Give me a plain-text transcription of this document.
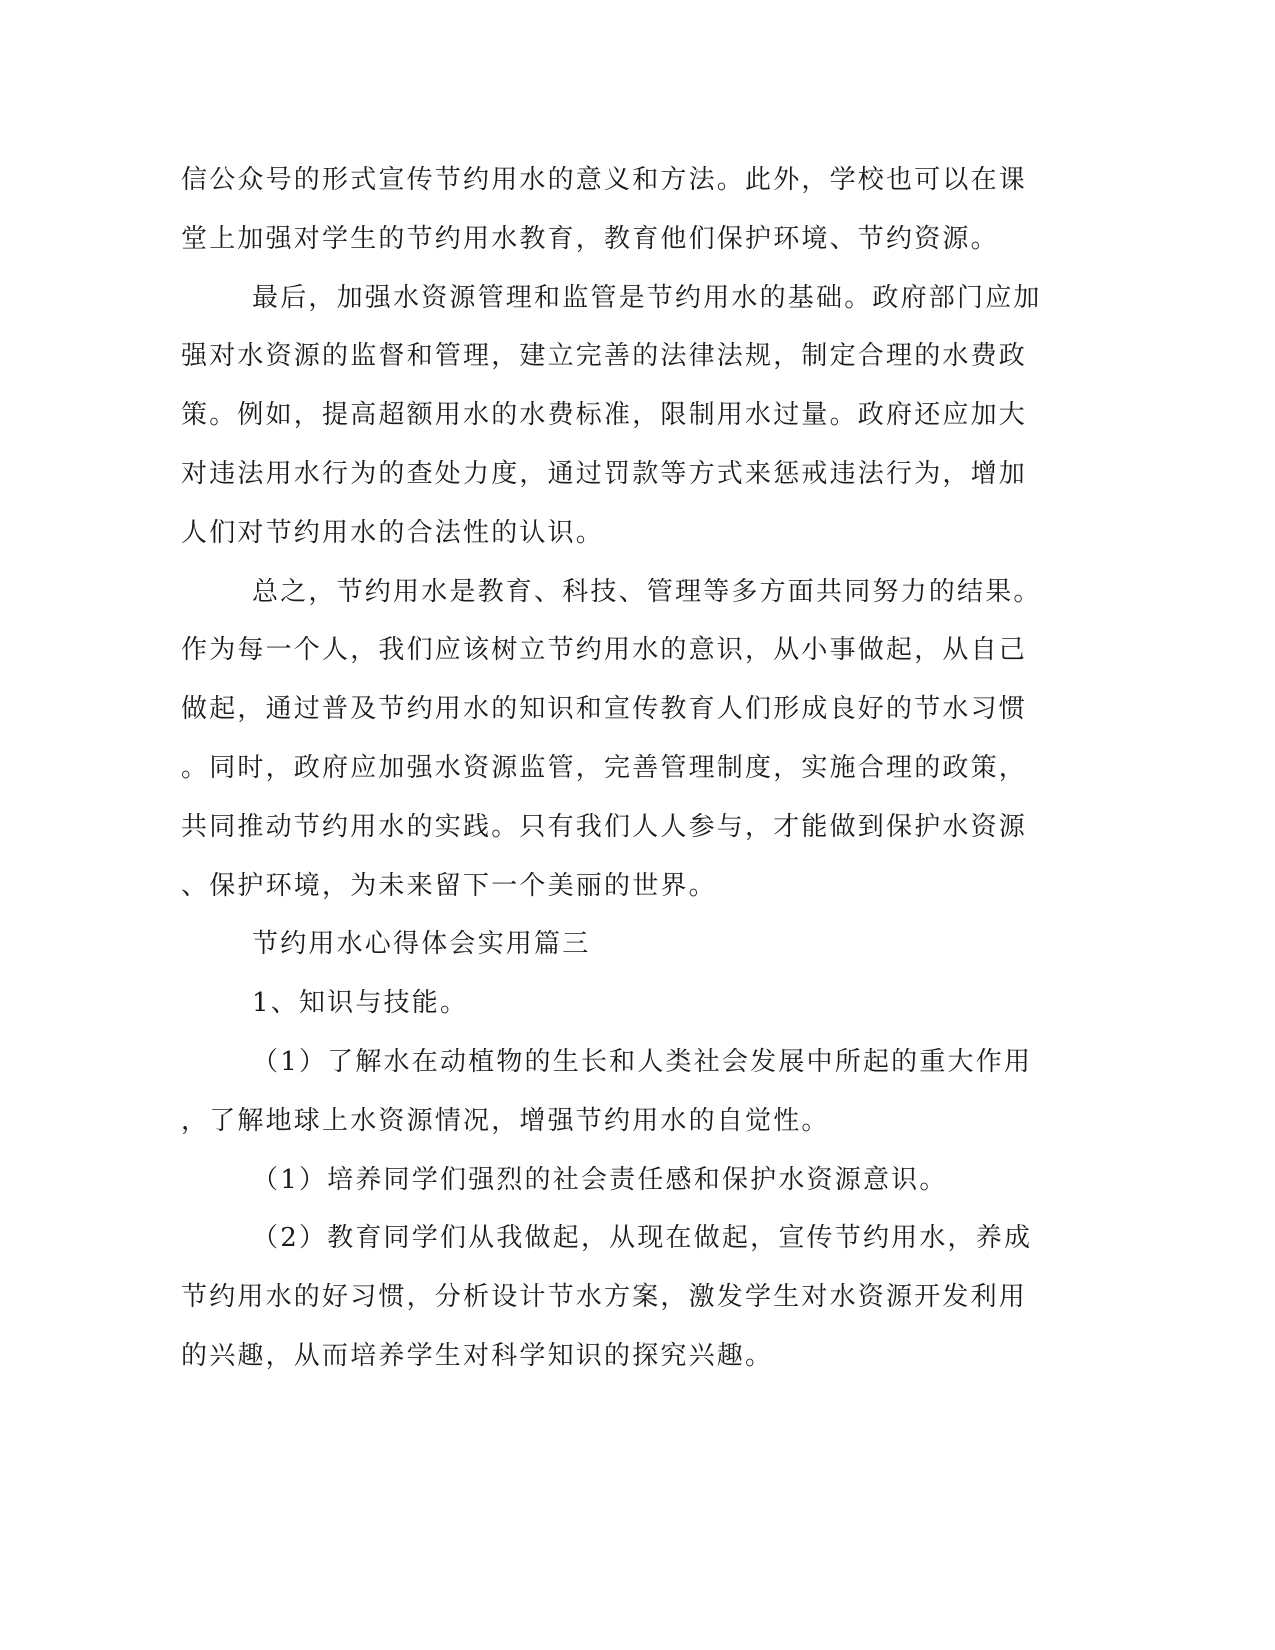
信公众号的形式宣传节约用水的意义和方法。此外，学校也可以在课
堂上加强对学生的节约用水教育，教育他们保护环境、节约资源。
最后，加强水资源管理和监管是节约用水的基础。政府部门应加
强对水资源的监督和管理，建立完善的法律法规，制定合理的水费政
策。例如，提高超额用水的水费标准，限制用水过量。政府还应加大
对违法用水行为的查处力度，通过罚款等方式来惩戒违法行为，增加
人们对节约用水的合法性的认识。
总之，节约用水是教育、科技、管理等多方面共同努力的结果。
作为每一个人，我们应该树立节约用水的意识，从小事做起，从自己
做起，通过普及节约用水的知识和宣传教育人们形成良好的节水习惯
。同时，政府应加强水资源监管，完善管理制度，实施合理的政策，
共同推动节约用水的实践。只有我们人人参与，才能做到保护水资源
、保护环境，为未来留下一个美丽的世界。
节约用水心得体会实用篇三
1、知识与技能。
（1）了解水在动植物的生长和人类社会发展中所起的重大作用
，了解地球上水资源情况，增强节约用水的自觉性。
（1）培养同学们强烈的社会责任感和保护水资源意识。
（2）教育同学们从我做起，从现在做起，宣传节约用水，养成
节约用水的好习惯，分析设计节水方案，激发学生对水资源开发利用
的兴趣，从而培养学生对科学知识的探究兴趣。
